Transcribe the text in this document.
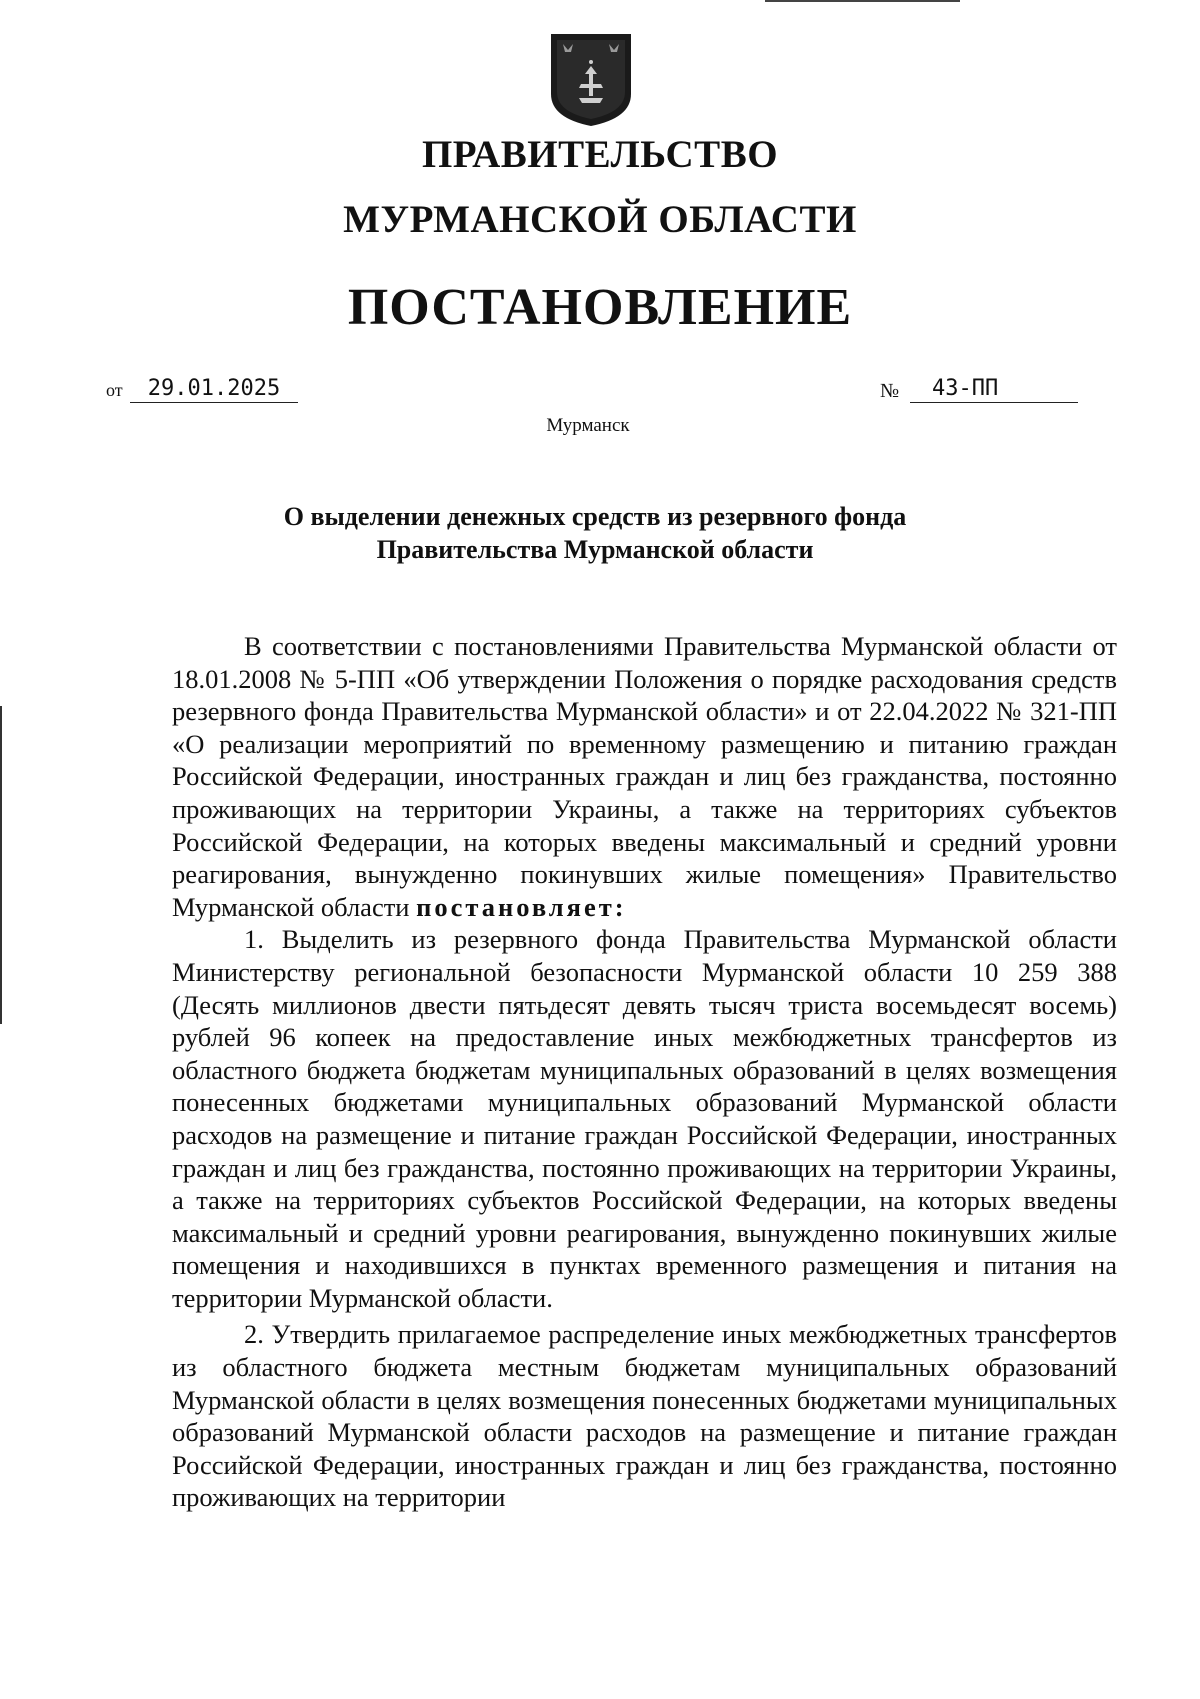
ПРАВИТЕЛЬСТВО
МУРМАНСКОЙ ОБЛАСТИ
ПОСТАНОВЛЕНИЕ
от	29.01.2025	№	43-ПП
Мурманск
О выделении денежных средств из резервного фонда
Правительства Мурманской области

В соответствии с постановлениями Правительства Мурманской области от 18.01.2008 № 5-ПП «Об утверждении Положения о порядке расходования средств резервного фонда Правительства Мурманской области» и от 22.04.2022 № 321-ПП «О реализации мероприятий по временному размещению и питанию граждан Российской Федерации, иностранных граждан и лиц без гражданства, постоянно проживающих на территории Украины, а также на территориях субъектов Российской Федерации, на которых введены максимальный и средний уровни реагирования, вынужденно покинувших жилые помещения» Правительство Мурманской области постановляет:

1. Выделить из резервного фонда Правительства Мурманской области Министерству региональной безопасности Мурманской области 10 259 388 (Десять миллионов двести пятьдесят девять тысяч триста восемьдесят восемь) рублей 96 копеек на предоставление иных межбюджетных трансфертов из областного бюджета бюджетам муниципальных образований в целях возмещения понесенных бюджетами муниципальных образований Мурманской области расходов на размещение и питание граждан Российской Федерации, иностранных граждан и лиц без гражданства, постоянно проживающих на территории Украины, а также на территориях субъектов Российской Федерации, на которых введены максимальный и средний уровни реагирования, вынужденно покинувших жилые помещения и находившихся в пунктах временного размещения и питания на территории Мурманской области.

2. Утвердить прилагаемое распределение иных межбюджетных трансфертов из областного бюджета местным бюджетам муниципальных образований Мурманской области в целях возмещения понесенных бюджетами муниципальных образований Мурманской области расходов на размещение и питание граждан Российской Федерации, иностранных граждан и лиц без гражданства, постоянно проживающих на территории
